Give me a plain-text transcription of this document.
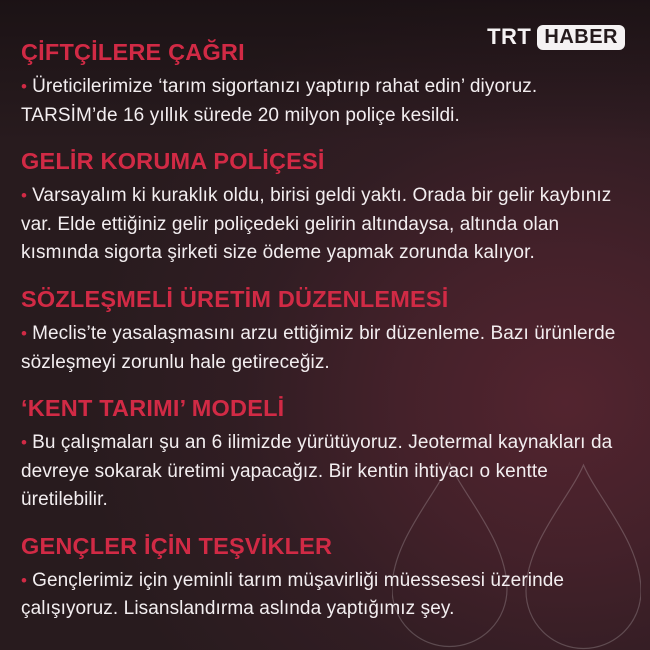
TRT HABER
ÇİFTÇİLERE ÇAĞRI

• Üreticilerimize ‘tarım sigortanızı yaptırıp rahat edin’ diyoruz. TARSİM’de 16 yıllık sürede 20 milyon poliçe kesildi.

GELİR KORUMA POLİÇESİ

• Varsayalım ki kuraklık oldu, birisi geldi yaktı. Orada bir gelir kaybınız var. Elde ettiğiniz gelir poliçedeki gelirin altındaysa, altında olan kısmında sigorta şirketi size ödeme yapmak zorunda kalıyor.

SÖZLEŞMELİ ÜRETİM DÜZENLEMESİ

• Meclis’te yasalaşmasını arzu ettiğimiz bir düzenleme. Bazı ürünlerde sözleşmeyi zorunlu hale getireceğiz.

‘KENT TARIMI’ MODELİ

• Bu çalışmaları şu an 6 ilimizde yürütüyoruz. Jeotermal kaynakları da devreye sokarak üretimi yapacağız. Bir kentin ihtiyacı o kentte üretilebilir.

GENÇLER İÇİN TEŞVİKLER

• Gençlerimiz için yeminli tarım müşavirliği müessesesi üzerinde çalışıyoruz. Lisanslandırma aslında yaptığımız şey.
